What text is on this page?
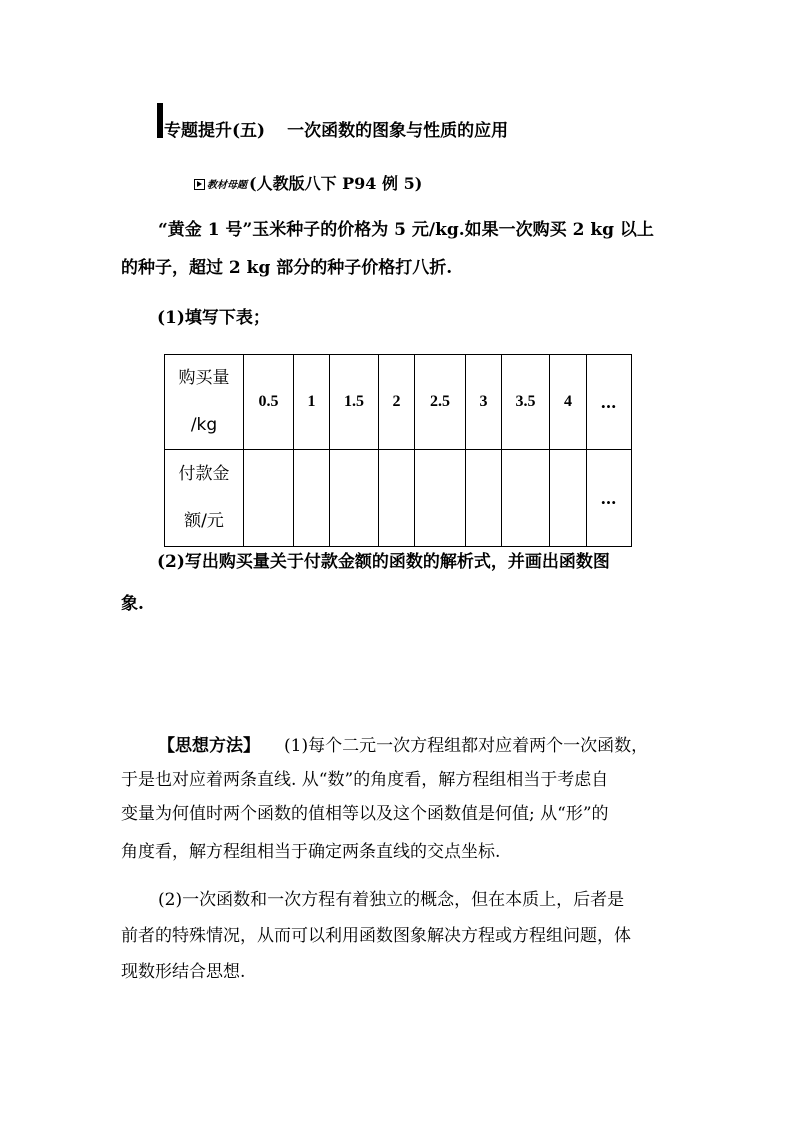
专题提升(五) 一次函数的图象与性质的应用
教材母题 (人教版八下 P94 例 5)
“黄金 1 号”玉米种子的价格为 5 元/kg.如果一次购买 2 kg 以上
的种子，超过 2 kg 部分的种子价格打八折.
(1)填写下表；
购买量
/kg	0.5	1	1.5	2	2.5	3	3.5	4	…

付款金
额/元									…
(2)写出购买量关于付款金额的函数的解析式，并画出函数图
象.
【思想方法】 (1)每个二元一次方程组都对应着两个一次函数，
于是也对应着两条直线. 从“数”的角度看，解方程组相当于考虑自
变量为何值时两个函数的值相等以及这个函数值是何值; 从“形”的
角度看，解方程组相当于确定两条直线的交点坐标.
(2)一次函数和一次方程有着独立的概念，但在本质上，后者是
前者的特殊情况，从而可以利用函数图象解决方程或方程组问题，体
现数形结合思想.
